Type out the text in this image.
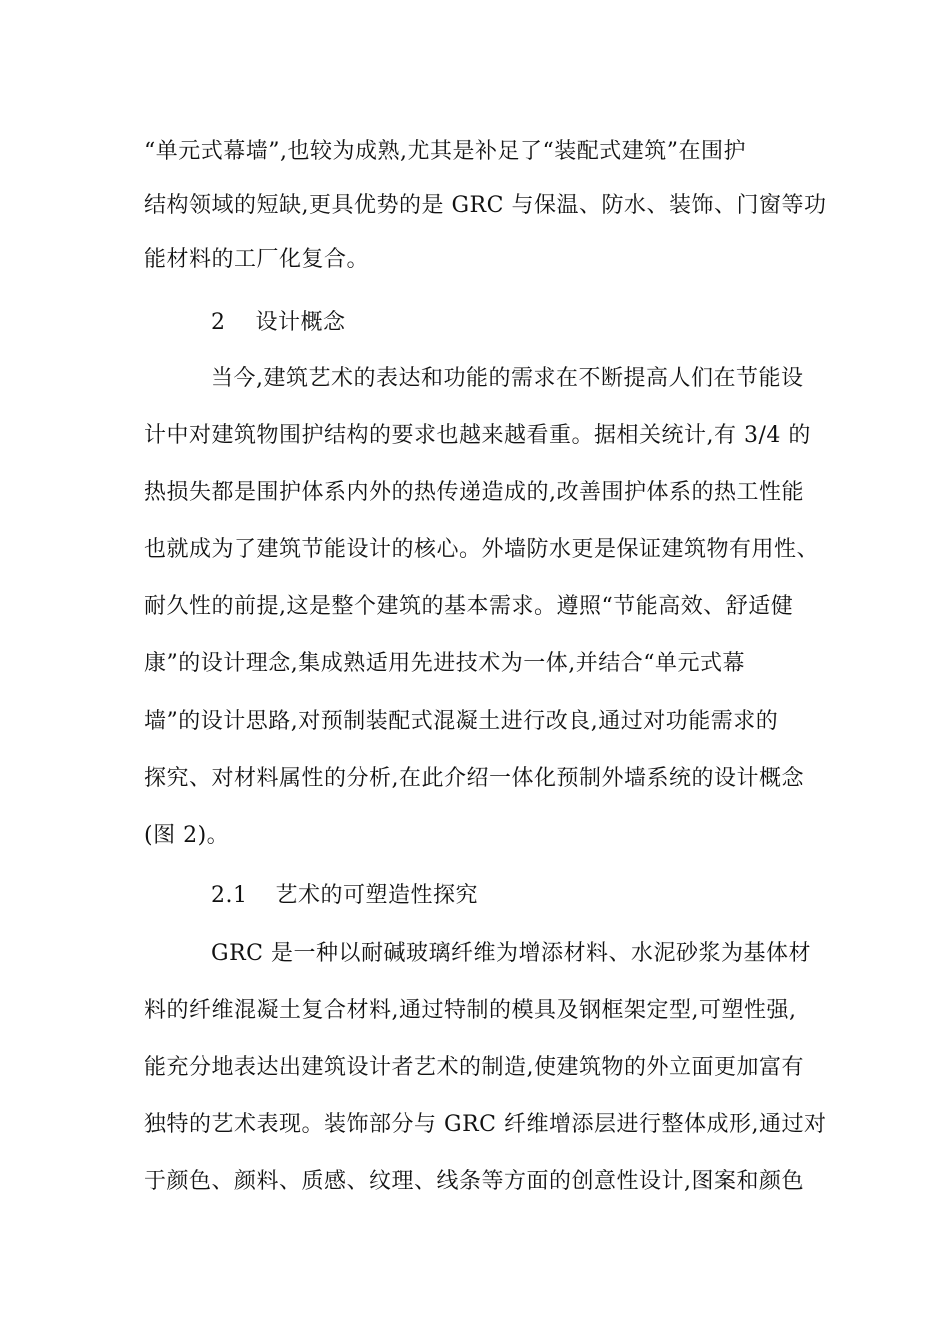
“单元式幕墙”,也较为成熟,尤其是补足了“装配式建筑”在围护
结构领域的短缺,更具优势的是 GRC 与保温、防水、装饰、门窗等功
能材料的工厂化复合。
2 设计概念
当今,建筑艺术的表达和功能的需求在不断提高人们在节能设
计中对建筑物围护结构的要求也越来越看重。据相关统计,有 3/4 的
热损失都是围护体系内外的热传递造成的,改善围护体系的热工性能
也就成为了建筑节能设计的核心。外墙防水更是保证建筑物有用性、
耐久性的前提,这是整个建筑的基本需求。遵照“节能高效、舒适健
康”的设计理念,集成熟适用先进技术为一体,并结合“单元式幕
墙”的设计思路,对预制装配式混凝土进行改良,通过对功能需求的
探究、对材料属性的分析,在此介绍一体化预制外墙系统的设计概念
(图 2)。
2.1 艺术的可塑造性探究
GRC 是一种以耐碱玻璃纤维为增添材料、水泥砂浆为基体材
料的纤维混凝土复合材料,通过特制的模具及钢框架定型,可塑性强,
能充分地表达出建筑设计者艺术的制造,使建筑物的外立面更加富有
独特的艺术表现。装饰部分与 GRC 纤维增添层进行整体成形,通过对
于颜色、颜料、质感、纹理、线条等方面的创意性设计,图案和颜色
